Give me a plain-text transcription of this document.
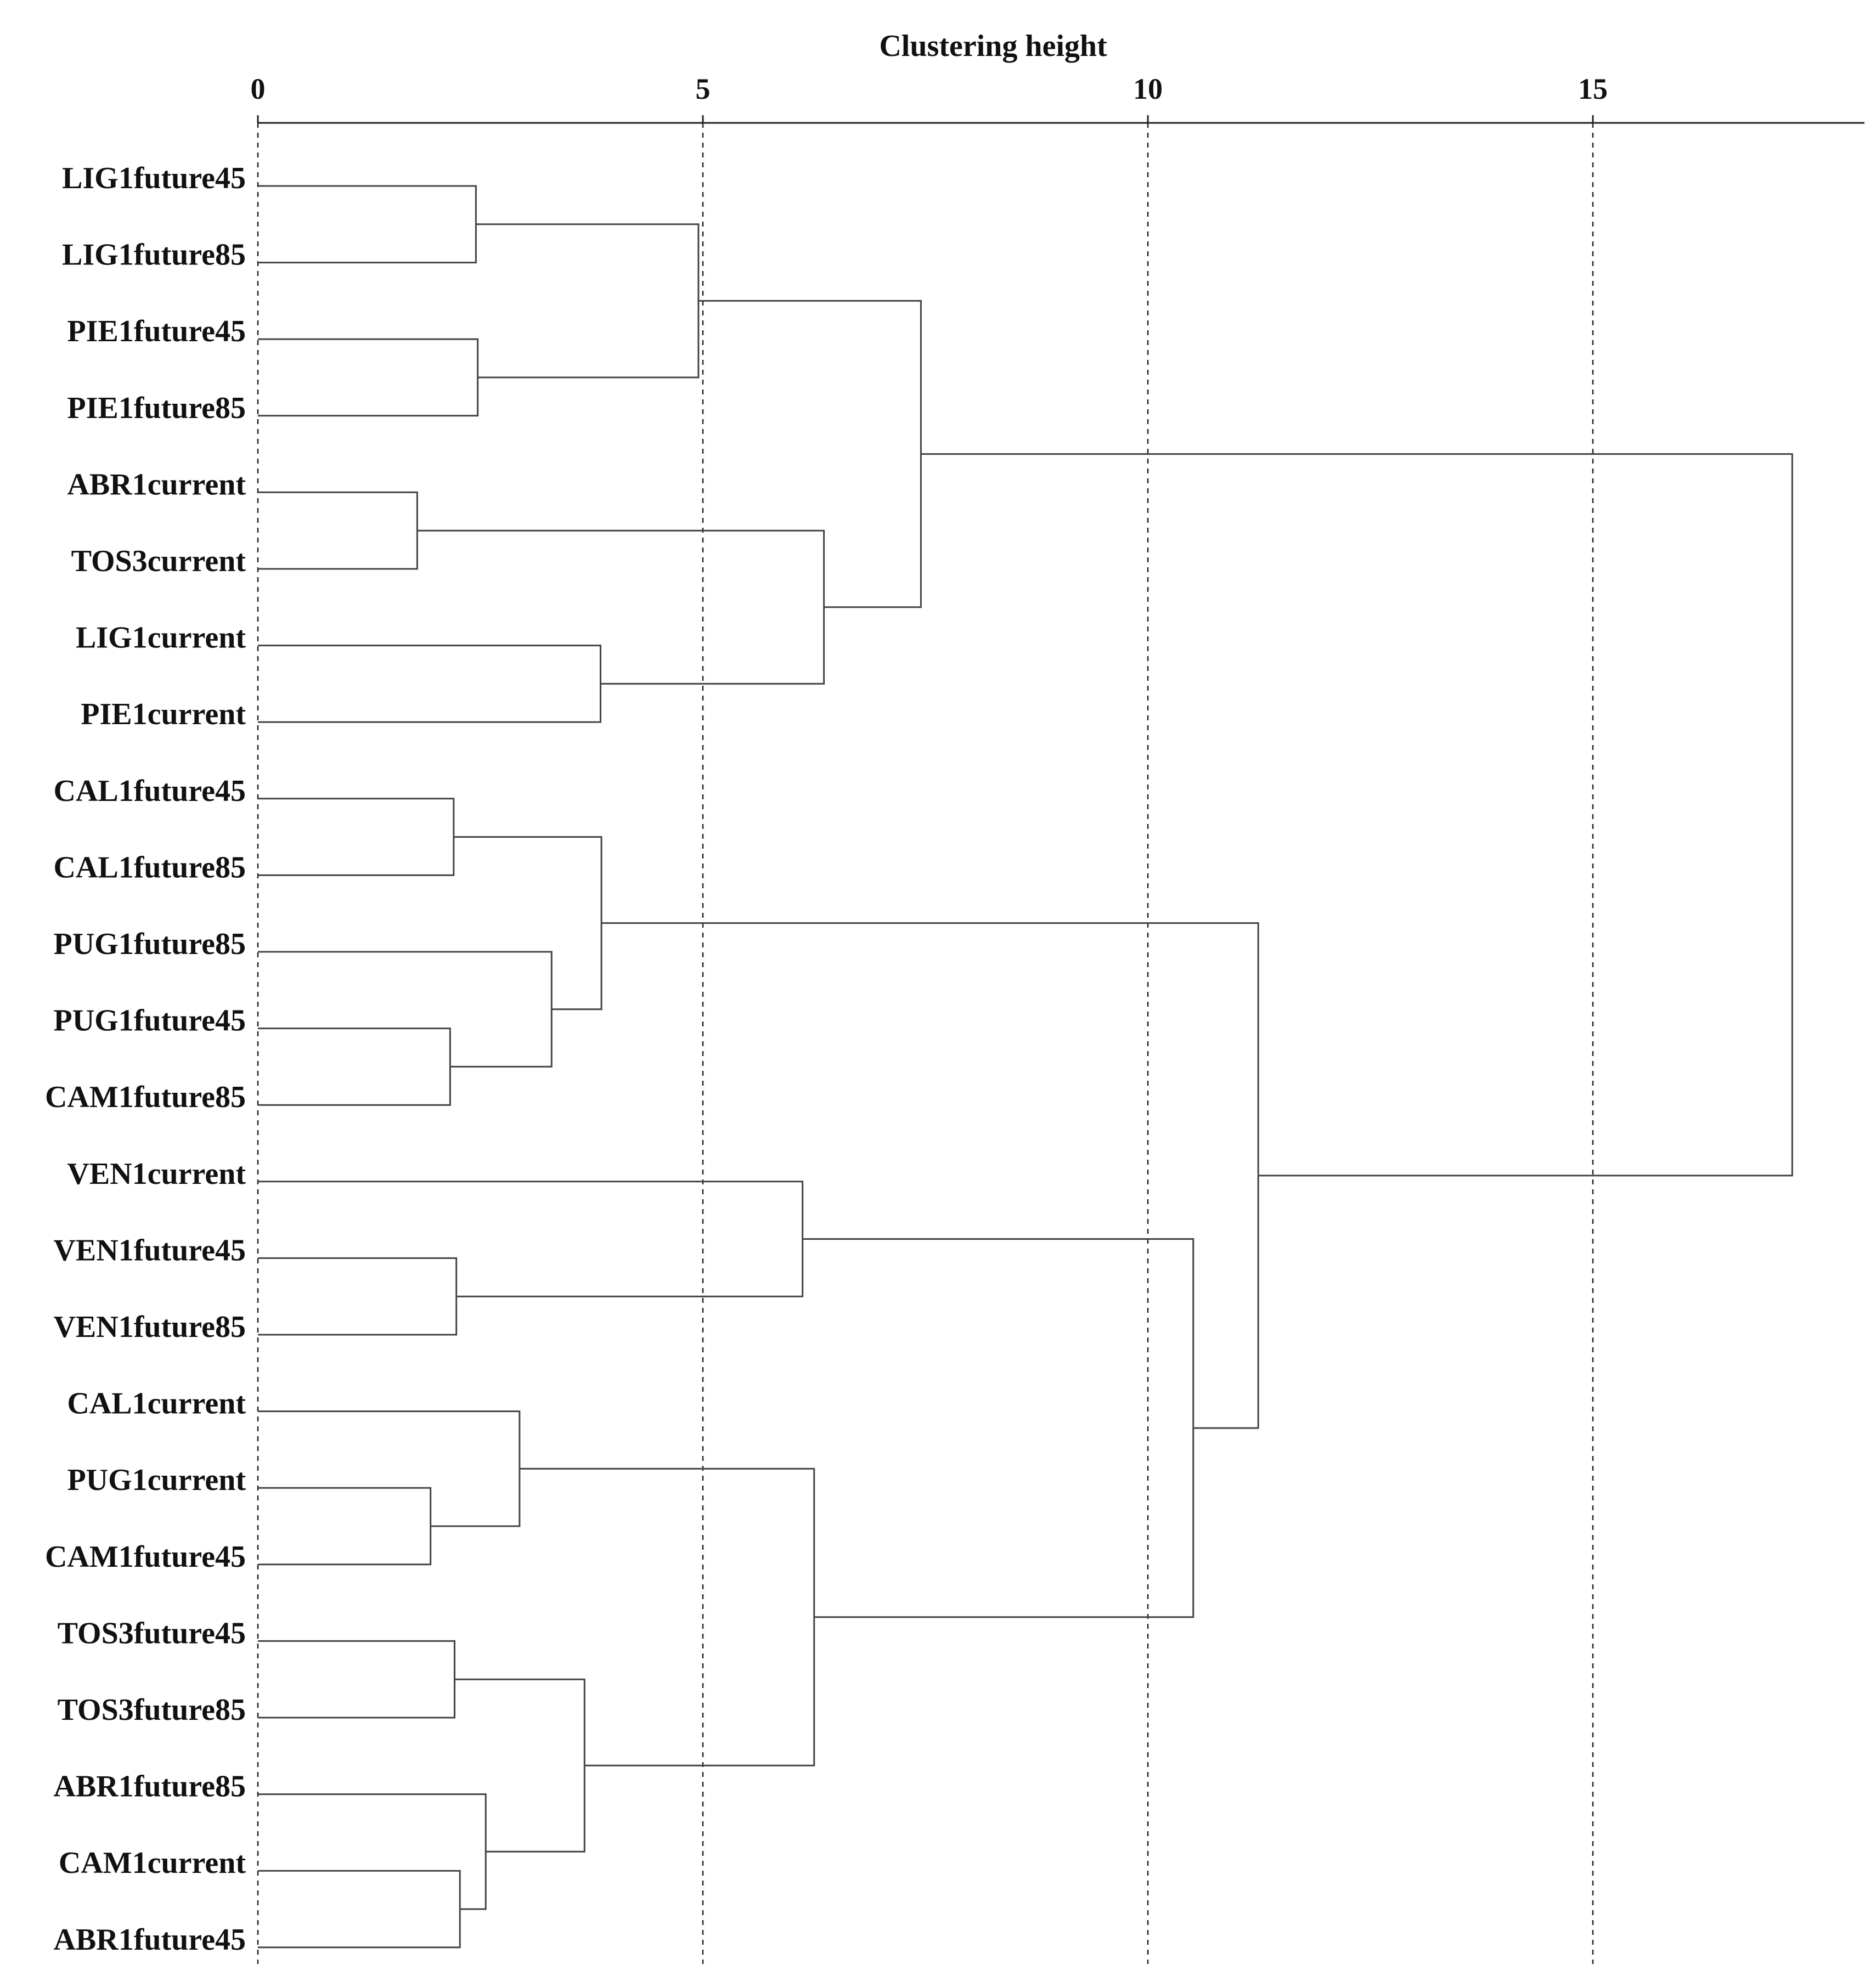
Clustering height
0	5	10	15
LIG1future45
LIG1future85
PIE1future45
PIE1future85
ABR1current
TOS3current
LIG1current
PIE1current
CAL1future45
CAL1future85
PUG1future85
PUG1future45
CAM1future85
VEN1current
VEN1future45
VEN1future85
CAL1current
PUG1current
CAM1future45
TOS3future45
TOS3future85
ABR1future85
CAM1current
ABR1future45
